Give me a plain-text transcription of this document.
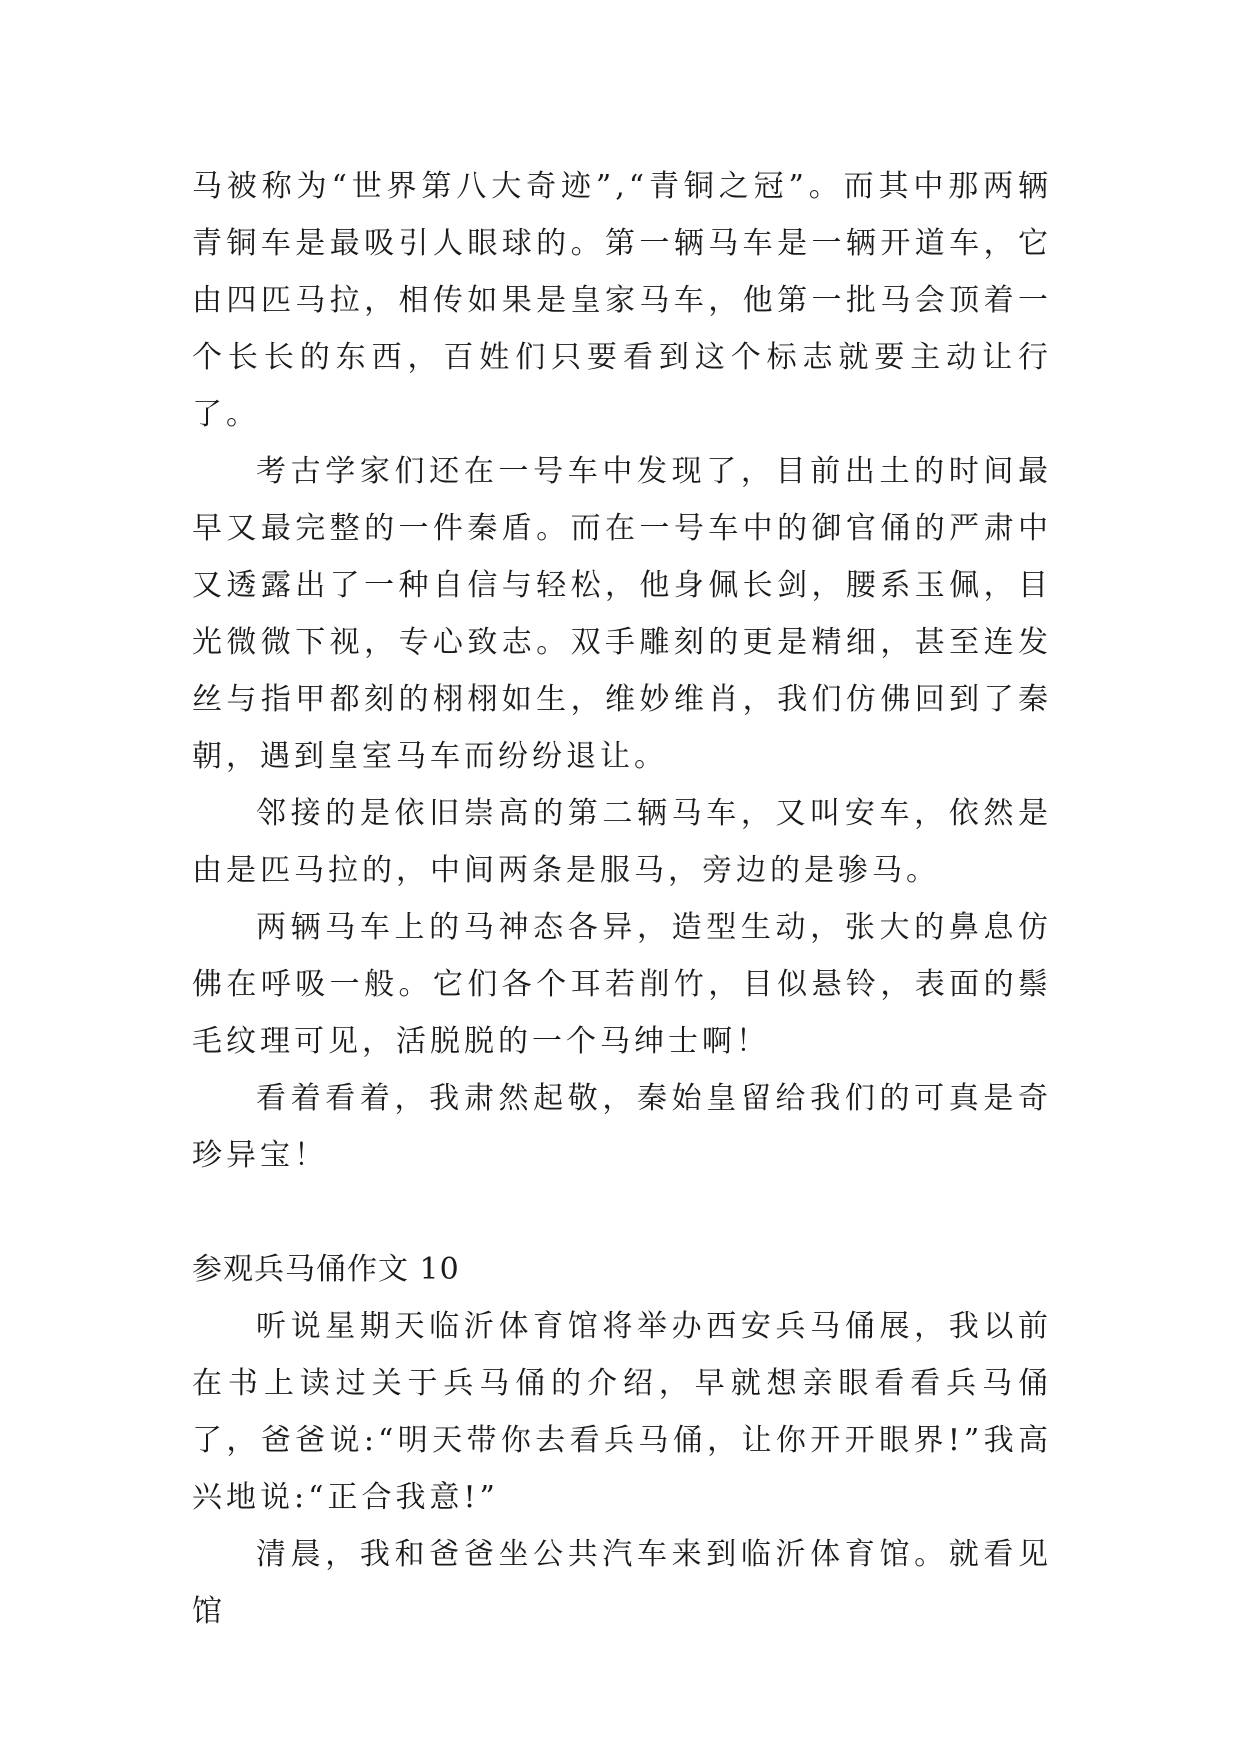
马被称为“世界第八大奇迹”,“青铜之冠”。而其中那两辆青铜车是最吸引人眼球的。第一辆马车是一辆开道车，它由四匹马拉，相传如果是皇家马车，他第一批马会顶着一个长长的东西，百姓们只要看到这个标志就要主动让行了。

考古学家们还在一号车中发现了，目前出土的时间最早又最完整的一件秦盾。而在一号车中的御官俑的严肃中又透露出了一种自信与轻松，他身佩长剑，腰系玉佩，目光微微下视，专心致志。双手雕刻的更是精细，甚至连发丝与指甲都刻的栩栩如生，维妙维肖，我们仿佛回到了秦朝，遇到皇室马车而纷纷退让。

邻接的是依旧崇高的第二辆马车，又叫安车，依然是由是匹马拉的，中间两条是服马，旁边的是骖马。

两辆马车上的马神态各异，造型生动，张大的鼻息仿佛在呼吸一般。它们各个耳若削竹，目似悬铃，表面的鬃毛纹理可见，活脱脱的一个马绅士啊！

看着看着，我肃然起敬，秦始皇留给我们的可真是奇珍异宝！

参观兵马俑作文 10

听说星期天临沂体育馆将举办西安兵马俑展，我以前在书上读过关于兵马俑的介绍，早就想亲眼看看兵马俑了，爸爸说:“明天带你去看兵马俑，让你开开眼界!”我高兴地说:“正合我意!”

清晨，我和爸爸坐公共汽车来到临沂体育馆。就看见馆
